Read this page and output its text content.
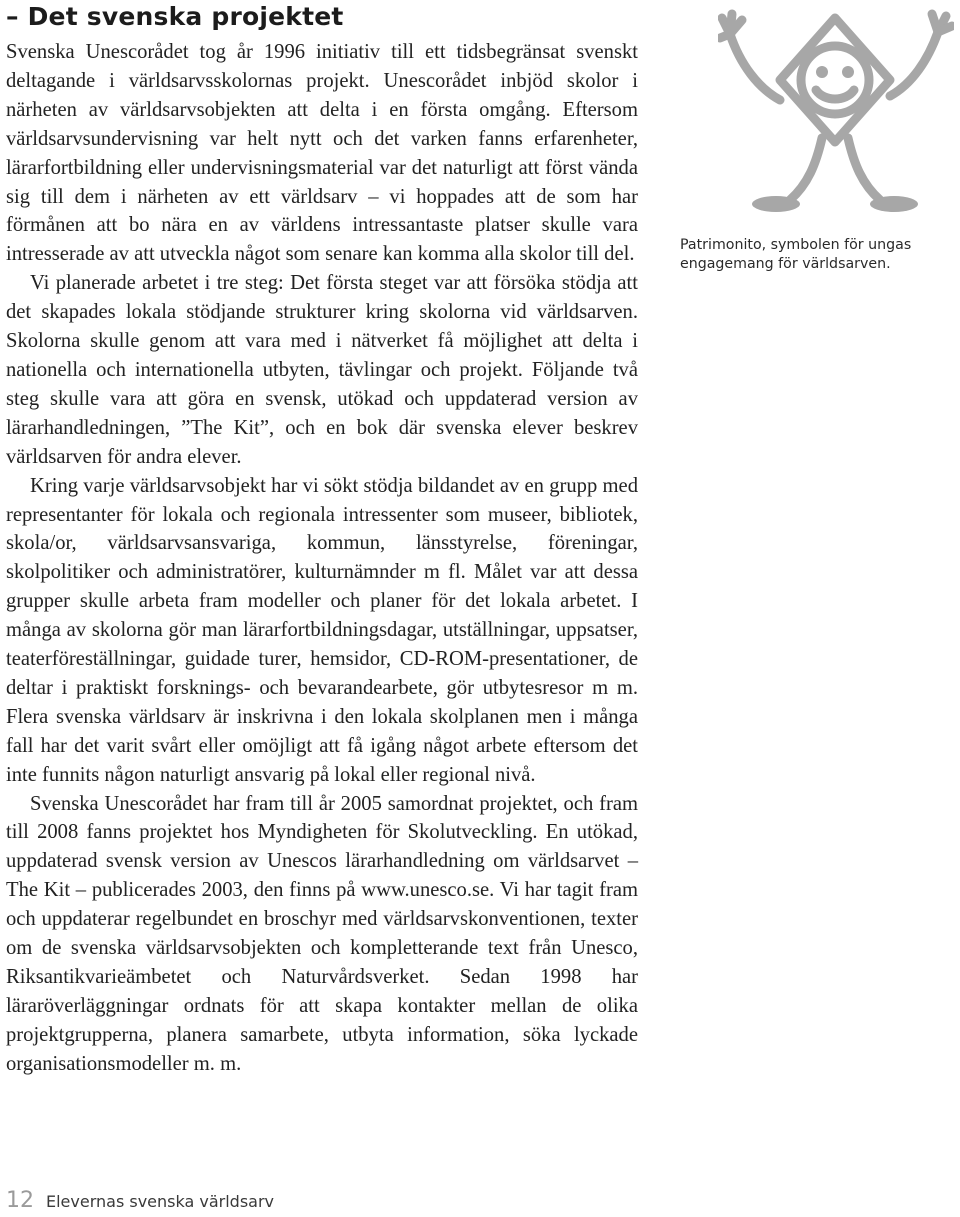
– Det svenska projektet

Svenska Unescorådet tog år 1996 initiativ till ett tidsbegränsat svenskt deltagande i världsarvsskolornas projekt. Unescorådet inbjöd skolor i närheten av världsarvsobjekten att delta i en första omgång. Eftersom världsarvsundervisning var helt nytt och det varken fanns erfarenheter, lärarfortbildning eller undervisningsmaterial var det naturligt att först vända sig till dem i närheten av ett världsarv – vi hoppades att de som har förmånen att bo nära en av världens intressantaste platser skulle vara intresserade av att utveckla något som senare kan komma alla skolor till del.

Vi planerade arbetet i tre steg: Det första steget var att försöka stödja att det skapades lokala stödjande strukturer kring skolorna vid världsarven. Skolorna skulle genom att vara med i nätverket få möjlighet att delta i nationella och internationella utbyten, tävlingar och projekt. Följande två steg skulle vara att göra en svensk, utökad och uppdaterad version av lärarhandledningen, ”The Kit”, och en bok där svenska elever beskrev världsarven för andra elever.

Kring varje världsarvsobjekt har vi sökt stödja bildandet av en grupp med representanter för lokala och regionala intressenter som museer, bibliotek, skola/or, världsarvsansvariga, kommun, länsstyrelse, föreningar, skolpolitiker och administratörer, kulturnämnder m fl. Målet var att dessa grupper skulle arbeta fram modeller och planer för det lokala arbetet. I många av skolorna gör man lärarfortbildningsdagar, utställningar, uppsatser, teaterföreställningar, guidade turer, hemsidor, CD-ROM-presentationer, de deltar i praktiskt forsknings- och bevarandearbete, gör utbytesresor m m. Flera svenska världsarv är inskrivna i den lokala skolplanen men i många fall har det varit svårt eller omöjligt att få igång något arbete eftersom det inte funnits någon naturligt ansvarig på lokal eller regional nivå.

Svenska Unescorådet har fram till år 2005 samordnat projektet, och fram till 2008 fanns projektet hos Myndigheten för Skolutveckling. En utökad, uppdaterad svensk version av Unescos lärarhandledning om världsarvet – The Kit – publicerades 2003, den finns på www.unesco.se. Vi har tagit fram och uppdaterar regelbundet en broschyr med världsarvskonventionen, texter om de svenska världsarvsobjekten och kompletterande text från Unesco, Riksantikvarieämbetet och Naturvårdsverket. Sedan 1998 har läraröverläggningar ordnats för att skapa kontakter mellan de olika projektgrupperna, planera samarbete, utbyta information, söka lyckade organisationsmodeller m. m.

Patrimonito, symbolen för ungas engagemang för världsarven.
12 Elevernas svenska världsarv
